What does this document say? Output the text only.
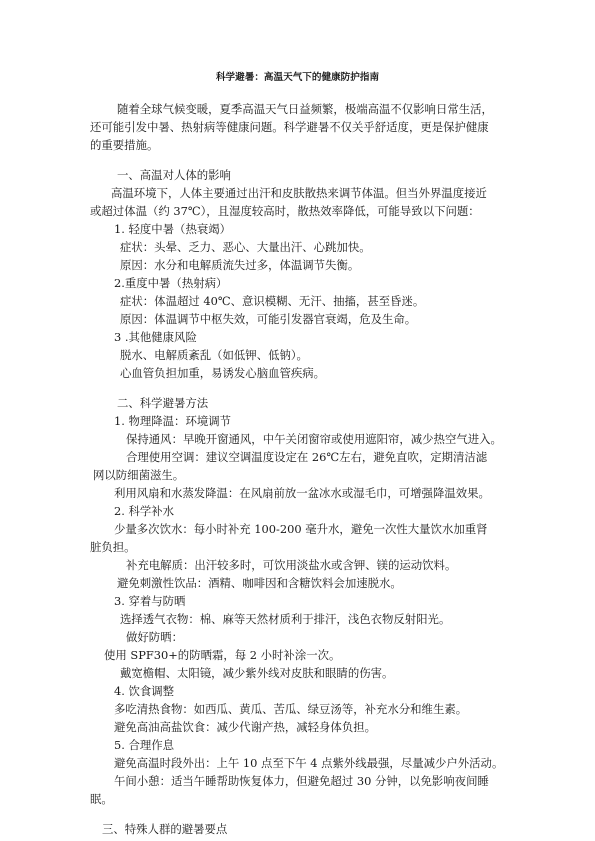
科学避暑：高温天气下的健康防护指南
随着全球气候变暖，夏季高温天气日益频繁，极端高温不仅影响日常生活，
还可能引发中暑、热射病等健康问题。科学避暑不仅关乎舒适度，更是保护健康
的重要措施。
一、高温对人体的影响
高温环境下，人体主要通过出汗和皮肤散热来调节体温。但当外界温度接近
或超过体温（约 37℃），且湿度较高时，散热效率降低，可能导致以下问题：
1. 轻度中暑（热衰竭）
症状：头晕、乏力、恶心、大量出汗、心跳加快。
原因：水分和电解质流失过多，体温调节失衡。
2.重度中暑（热射病）
症状：体温超过 40℃、意识模糊、无汗、抽搐，甚至昏迷。
原因：体温调节中枢失效，可能引发器官衰竭，危及生命。
3 .其他健康风险
脱水、电解质紊乱（如低钾、低钠）。
心血管负担加重，易诱发心脑血管疾病。
二、科学避暑方法
1. 物理降温：环境调节
保持通风：早晚开窗通风，中午关闭窗帘或使用遮阳帘，减少热空气进入。
合理使用空调：建议空调温度设定在 26℃左右，避免直吹，定期清洁滤
网以防细菌滋生。
利用风扇和水蒸发降温：在风扇前放一盆冰水或湿毛巾，可增强降温效果。
2. 科学补水
少量多次饮水：每小时补充 100-200 毫升水，避免一次性大量饮水加重肾
脏负担。
补充电解质：出汗较多时，可饮用淡盐水或含钾、镁的运动饮料。
避免刺激性饮品：酒精、咖啡因和含糖饮料会加速脱水。
3. 穿着与防晒
选择透气衣物：棉、麻等天然材质利于排汗，浅色衣物反射阳光。
做好防晒：
使用 SPF30+的防晒霜，每 2 小时补涂一次。
戴宽檐帽、太阳镜，减少紫外线对皮肤和眼睛的伤害。
4. 饮食调整
多吃清热食物：如西瓜、黄瓜、苦瓜、绿豆汤等，补充水分和维生素。
避免高油高盐饮食：减少代谢产热，减轻身体负担。
5. 合理作息
避免高温时段外出：上午 10 点至下午 4 点紫外线最强，尽量减少户外活动。
午间小憩：适当午睡帮助恢复体力，但避免超过 30 分钟，以免影响夜间睡
眠。
三、特殊人群的避暑要点
